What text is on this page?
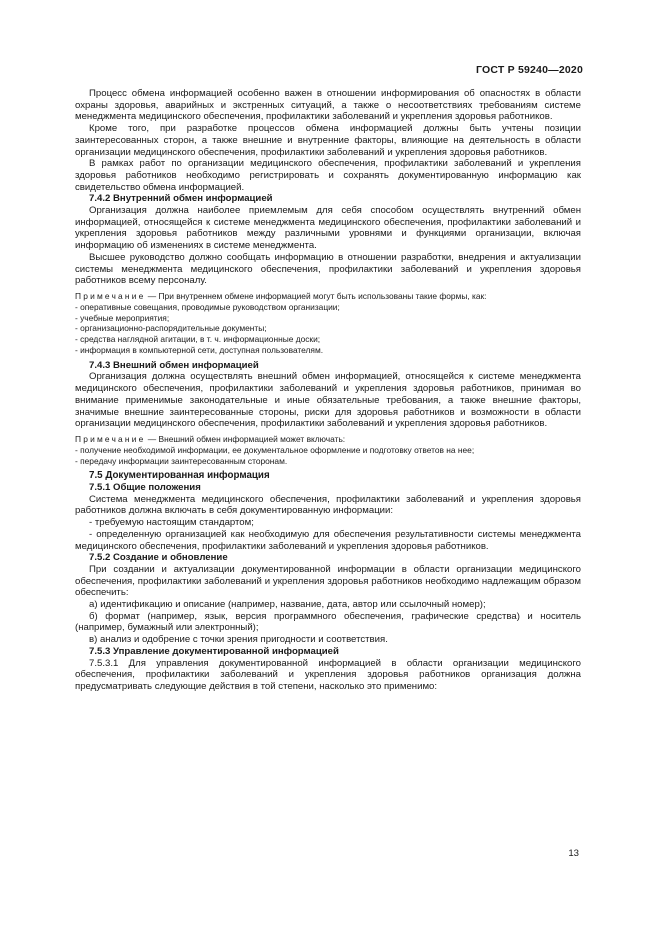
ГОСТ Р 59240—2020

Процесс обмена информацией особенно важен в отношении информирования об опасностях в области охраны здоровья, аварийных и экстренных ситуаций, а также о несоответствиях требованиям системе менеджмента медицинского обеспечения, профилактики заболеваний и укрепления здоровья работников.

Кроме того, при разработке процессов обмена информацией должны быть учтены позиции заинтересованных сторон, а также внешние и внутренние факторы, влияющие на деятельность в области организации медицинского обеспечения, профилактики заболеваний и укрепления здоровья работников.

В рамках работ по организации медицинского обеспечения, профилактики заболеваний и укрепления здоровья работников необходимо регистрировать и сохранять документированную информацию как свидетельство обмена информацией.

7.4.2 Внутренний обмен информацией

Организация должна наиболее приемлемым для себя способом осуществлять внутренний обмен информацией, относящейся к системе менеджмента медицинского обеспечения, профилактики заболеваний и укрепления здоровья работников между различными уровнями и функциями организации, включая информацию об изменениях в системе менеджмента.

Высшее руководство должно сообщать информацию в отношении разработки, внедрения и актуализации системы менеджмента медицинского обеспечения, профилактики заболеваний и укрепления здоровья работников всему персоналу.

Примечание — При внутреннем обмене информацией могут быть использованы такие формы, как:

- оперативные совещания, проводимые руководством организации;

- учебные мероприятия;

- организационно-распорядительные документы;

- средства наглядной агитации, в т. ч. информационные доски;

- информация в компьютерной сети, доступная пользователям.

7.4.3 Внешний обмен информацией

Организация должна осуществлять внешний обмен информацией, относящейся к системе менеджмента медицинского обеспечения, профилактики заболеваний и укрепления здоровья работников, принимая во внимание применимые законодательные и иные обязательные требования, а также внешние факторы, значимые внешние заинтересованные стороны, риски для здоровья работников и возможности в области организации медицинского обеспечения, профилактики заболеваний и укрепления здоровья работников.

Примечание — Внешний обмен информацией может включать:

- получение необходимой информации, ее документальное оформление и подготовку ответов на нее;

- передачу информации заинтересованным сторонам.

7.5 Документированная информация

7.5.1 Общие положения

Система менеджмента медицинского обеспечения, профилактики заболеваний и укрепления здоровья работников должна включать в себя документированную информации:

- требуемую настоящим стандартом;

- определенную организацией как необходимую для обеспечения результативности системы менеджмента медицинского обеспечения, профилактики заболеваний и укрепления здоровья работников.

7.5.2 Создание и обновление

При создании и актуализации документированной информации в области организации медицинского обеспечения, профилактики заболеваний и укрепления здоровья работников необходимо надлежащим образом обеспечить:

а) идентификацию и описание (например, название, дата, автор или ссылочный номер);

б) формат (например, язык, версия программного обеспечения, графические средства) и носитель (например, бумажный или электронный);

в) анализ и одобрение с точки зрения пригодности и соответствия.

7.5.3 Управление документированной информацией

7.5.3.1 Для управления документированной информацией в области организации медицинского обеспечения, профилактики заболеваний и укрепления здоровья работников организация должна предусматривать следующие действия в той степени, насколько это применимо:

13
